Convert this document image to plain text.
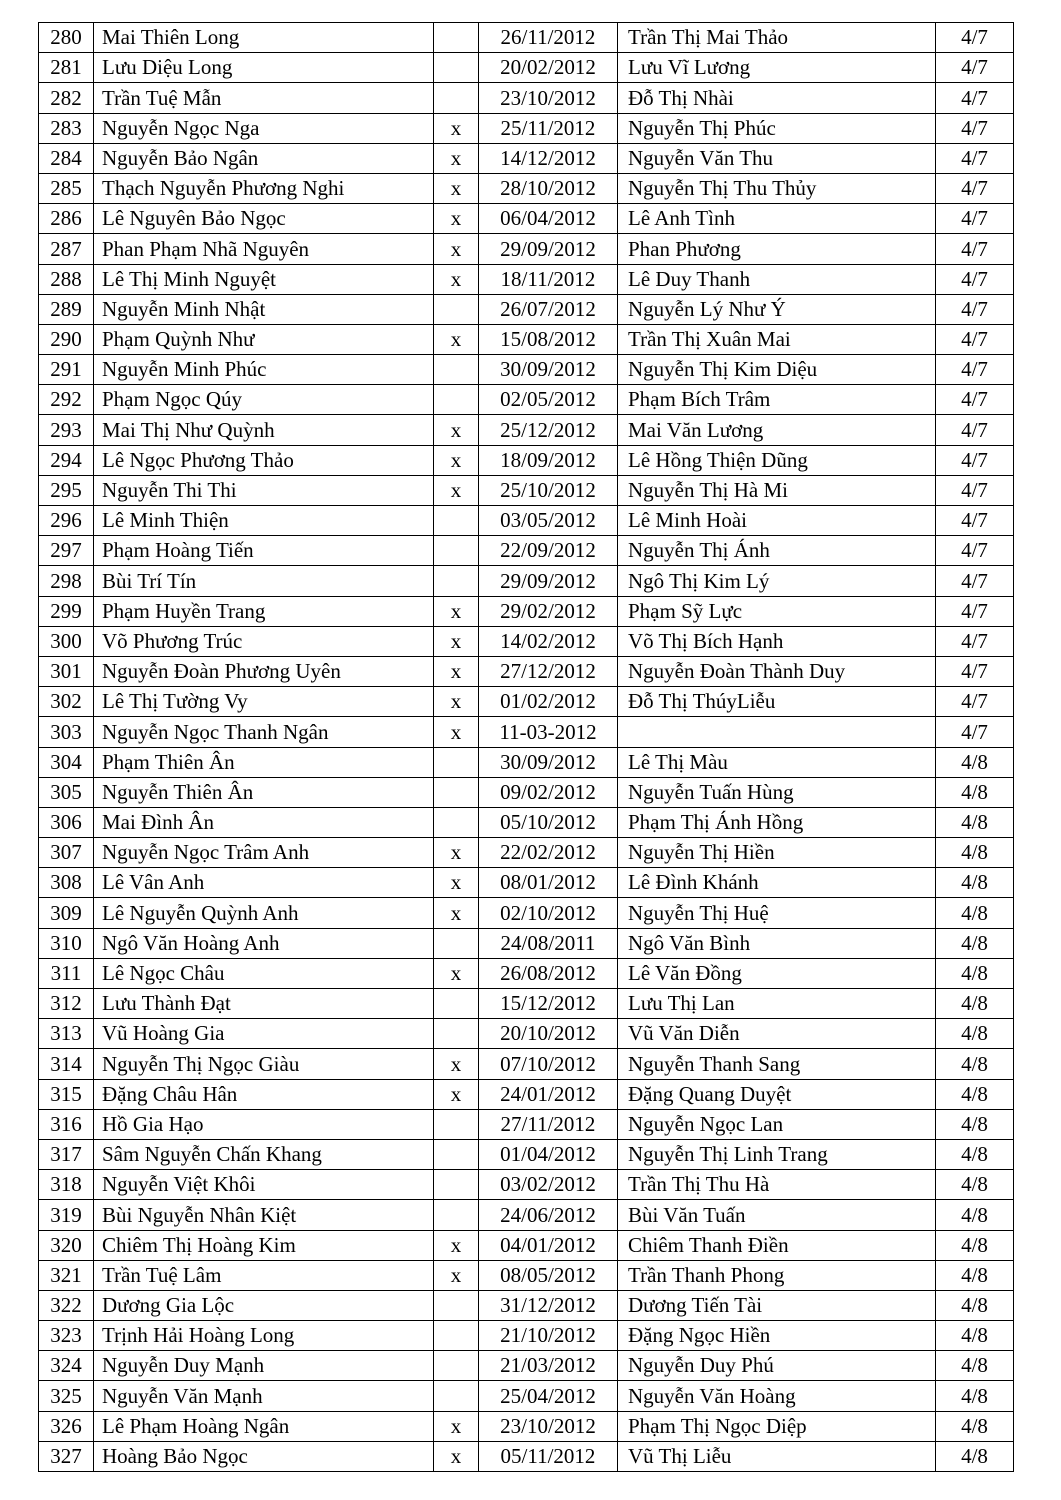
280	Mai Thiên Long		26/11/2012	Trần Thị Mai Thảo	4/7
281	Lưu Diệu Long		20/02/2012	Lưu Vĩ Lương	4/7
282	Trần Tuệ Mẫn		23/10/2012	Đỗ Thị Nhài	4/7
283	Nguyễn Ngọc Nga	x	25/11/2012	Nguyễn Thị Phúc	4/7
284	Nguyễn Bảo Ngân	x	14/12/2012	Nguyễn Văn Thu	4/7
285	Thạch Nguyễn Phương Nghi	x	28/10/2012	Nguyễn Thị Thu Thủy	4/7
286	Lê Nguyên Bảo Ngọc	x	06/04/2012	Lê Anh Tình	4/7
287	Phan Phạm Nhã Nguyên	x	29/09/2012	Phan Phương	4/7
288	Lê Thị Minh Nguyệt	x	18/11/2012	Lê Duy Thanh	4/7
289	Nguyễn Minh Nhật		26/07/2012	Nguyễn Lý Như Ý	4/7
290	Phạm Quỳnh Như	x	15/08/2012	Trần Thị Xuân Mai	4/7
291	Nguyễn Minh Phúc		30/09/2012	Nguyễn Thị Kim Diệu	4/7
292	Phạm Ngọc Qúy		02/05/2012	Phạm Bích Trâm	4/7
293	Mai Thị Như Quỳnh	x	25/12/2012	Mai Văn Lương	4/7
294	Lê Ngọc Phương Thảo	x	18/09/2012	Lê Hồng Thiện Dũng	4/7
295	Nguyễn Thi Thi	x	25/10/2012	Nguyễn Thị Hà Mi	4/7
296	Lê Minh Thiện		03/05/2012	Lê Minh Hoài	4/7
297	Phạm Hoàng Tiến		22/09/2012	Nguyễn Thị Ánh	4/7
298	Bùi Trí Tín		29/09/2012	Ngô Thị Kim Lý	4/7
299	Phạm Huyền Trang	x	29/02/2012	Phạm Sỹ Lực	4/7
300	Võ Phương Trúc	x	14/02/2012	Võ Thị Bích Hạnh	4/7
301	Nguyễn Đoàn Phương Uyên	x	27/12/2012	Nguyễn Đoàn Thành Duy	4/7
302	Lê Thị Tường Vy	x	01/02/2012	Đỗ Thị ThúyLiễu	4/7
303	Nguyễn Ngọc Thanh Ngân	x	11-03-2012		4/7
304	Phạm Thiên Ân		30/09/2012	Lê Thị Màu	4/8
305	Nguyễn Thiên Ân		09/02/2012	Nguyễn Tuấn Hùng	4/8
306	Mai Đình Ân		05/10/2012	Phạm Thị Ánh Hồng	4/8
307	Nguyễn Ngọc Trâm Anh	x	22/02/2012	Nguyễn Thị Hiền	4/8
308	Lê Vân Anh	x	08/01/2012	Lê Đình Khánh	4/8
309	Lê Nguyễn Quỳnh Anh	x	02/10/2012	Nguyễn Thị Huệ	4/8
310	Ngô Văn Hoàng Anh		24/08/2011	Ngô Văn Bình	4/8
311	Lê Ngọc Châu	x	26/08/2012	Lê Văn Đồng	4/8
312	Lưu Thành Đạt		15/12/2012	Lưu Thị Lan	4/8
313	Vũ Hoàng Gia		20/10/2012	Vũ Văn Diễn	4/8
314	Nguyễn Thị Ngọc Giàu	x	07/10/2012	Nguyễn Thanh Sang	4/8
315	Đặng Châu Hân	x	24/01/2012	Đặng Quang Duyệt	4/8
316	Hồ Gia Hạo		27/11/2012	Nguyễn Ngọc Lan	4/8
317	Sâm Nguyễn Chấn Khang		01/04/2012	Nguyễn Thị Linh Trang	4/8
318	Nguyễn Việt Khôi		03/02/2012	Trần Thị Thu Hà	4/8
319	Bùi Nguyễn Nhân Kiệt		24/06/2012	Bùi Văn Tuấn	4/8
320	Chiêm Thị Hoàng Kim	x	04/01/2012	Chiêm Thanh Điền	4/8
321	Trần Tuệ Lâm	x	08/05/2012	Trần Thanh Phong	4/8
322	Dương Gia Lộc		31/12/2012	Dương Tiến Tài	4/8
323	Trịnh Hải Hoàng Long		21/10/2012	Đặng Ngọc Hiền	4/8
324	Nguyễn Duy Mạnh		21/03/2012	Nguyễn Duy Phú	4/8
325	Nguyễn Văn Mạnh		25/04/2012	Nguyễn Văn Hoàng	4/8
326	Lê Phạm Hoàng Ngân	x	23/10/2012	Phạm Thị Ngọc Diệp	4/8
327	Hoàng Bảo Ngọc	x	05/11/2012	Vũ Thị Liễu	4/8
